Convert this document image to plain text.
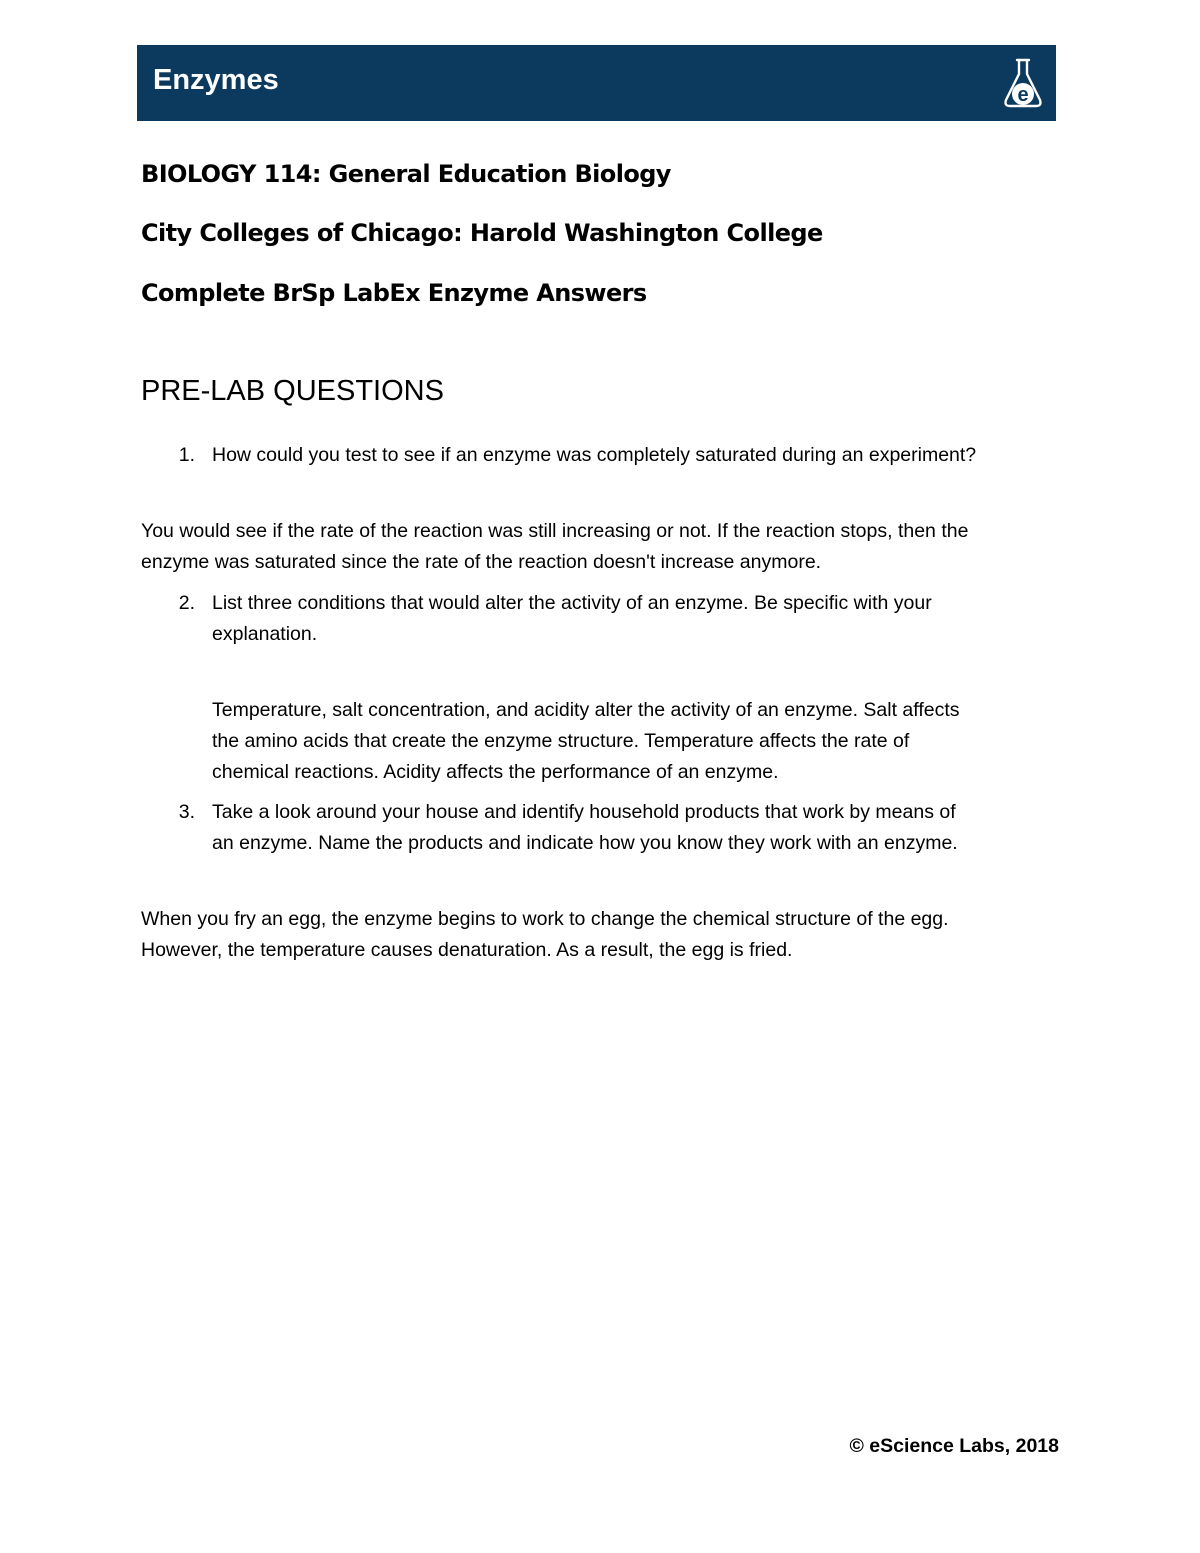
Enzymes	e
BIOLOGY 114: General Education Biology
City Colleges of Chicago: Harold Washington College
Complete BrSp LabEx Enzyme Answers
PRE-LAB QUESTIONS
1. How could you test to see if an enzyme was completely saturated during an experiment?
You would see if the rate of the reaction was still increasing or not. If the reaction stops, then the
enzyme was saturated since the rate of the reaction doesn't increase anymore.
2. List three conditions that would alter the activity of an enzyme. Be specific with your
explanation.
Temperature, salt concentration, and acidity alter the activity of an enzyme. Salt affects
the amino acids that create the enzyme structure. Temperature affects the rate of
chemical reactions. Acidity affects the performance of an enzyme.
3. Take a look around your house and identify household products that work by means of
an enzyme. Name the products and indicate how you know they work with an enzyme.
When you fry an egg, the enzyme begins to work to change the chemical structure of the egg.
However, the temperature causes denaturation. As a result, the egg is fried.
© eScience Labs, 2018
